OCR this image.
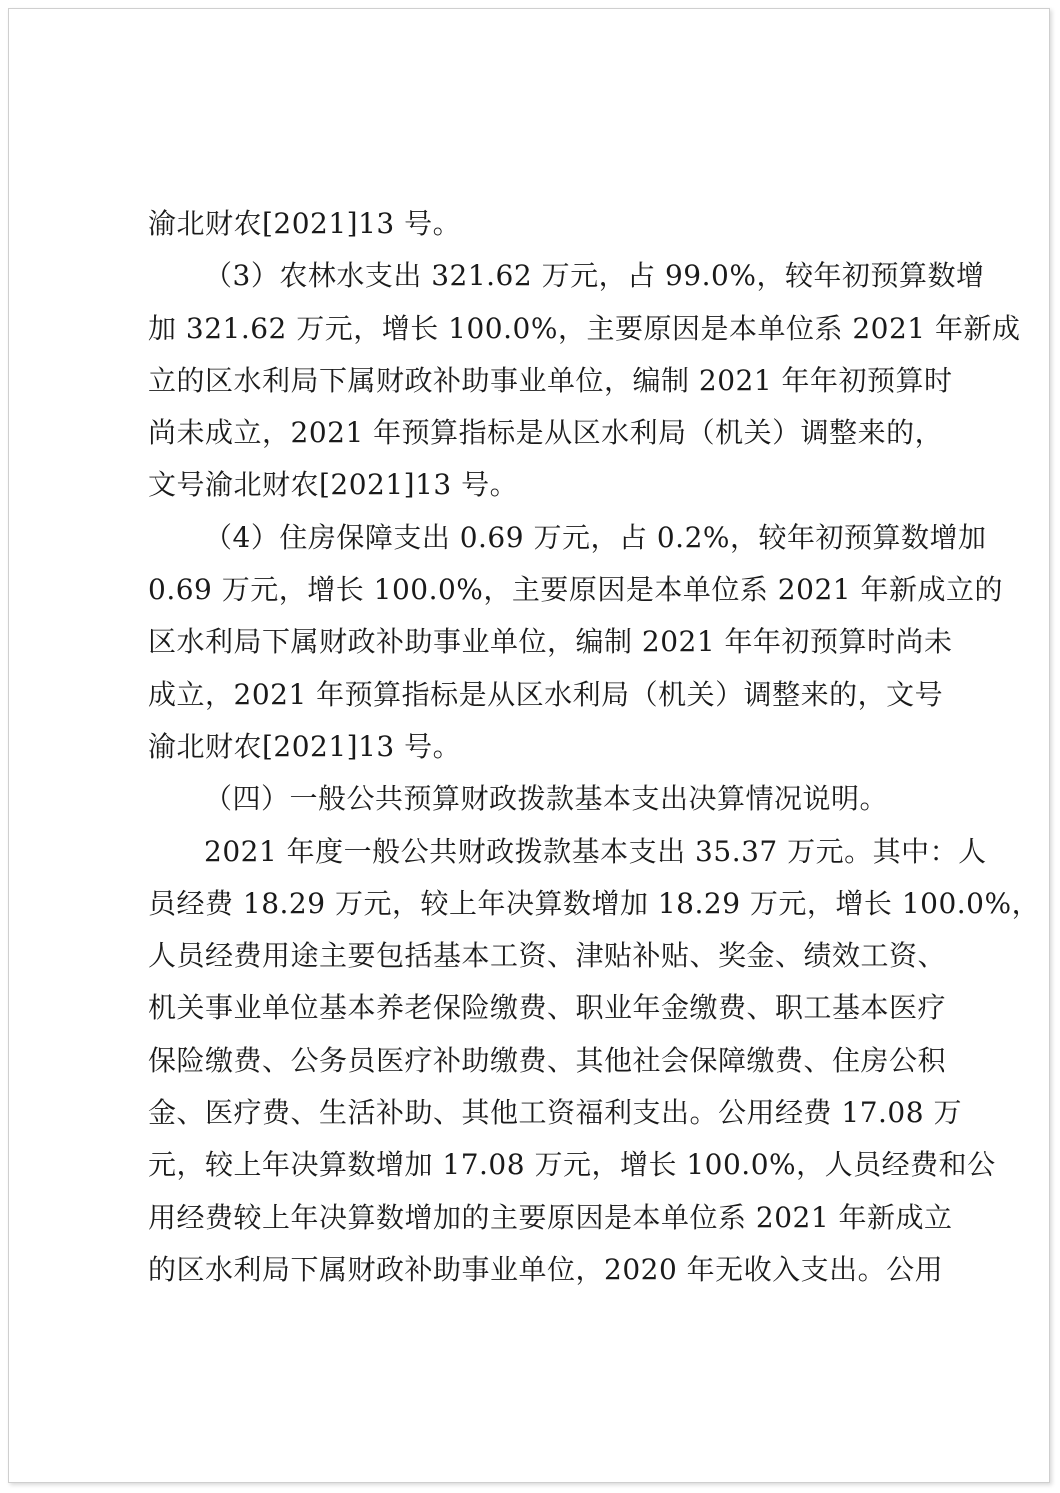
渝北财农[2021]13 号。
（3）农林水支出 321.62 万元，占 99.0%，较年初预算数增
加 321.62 万元，增长 100.0%，主要原因是本单位系 2021 年新成
立的区水利局下属财政补助事业单位，编制 2021 年年初预算时
尚未成立，2021 年预算指标是从区水利局（机关）调整来的，
文号渝北财农[2021]13 号。
（4）住房保障支出 0.69 万元，占 0.2%，较年初预算数增加
0.69 万元，增长 100.0%，主要原因是本单位系 2021 年新成立的
区水利局下属财政补助事业单位，编制 2021 年年初预算时尚未
成立，2021 年预算指标是从区水利局（机关）调整来的，文号
渝北财农[2021]13 号。
（四）一般公共预算财政拨款基本支出决算情况说明。
2021 年度一般公共财政拨款基本支出 35.37 万元。其中：人
员经费 18.29 万元，较上年决算数增加 18.29 万元，增长 100.0%，
人员经费用途主要包括基本工资、津贴补贴、奖金、绩效工资、
机关事业单位基本养老保险缴费、职业年金缴费、职工基本医疗
保险缴费、公务员医疗补助缴费、其他社会保障缴费、住房公积
金、医疗费、生活补助、其他工资福利支出。公用经费 17.08 万
元，较上年决算数增加 17.08 万元，增长 100.0%，人员经费和公
用经费较上年决算数增加的主要原因是本单位系 2021 年新成立
的区水利局下属财政补助事业单位，2020 年无收入支出。公用
